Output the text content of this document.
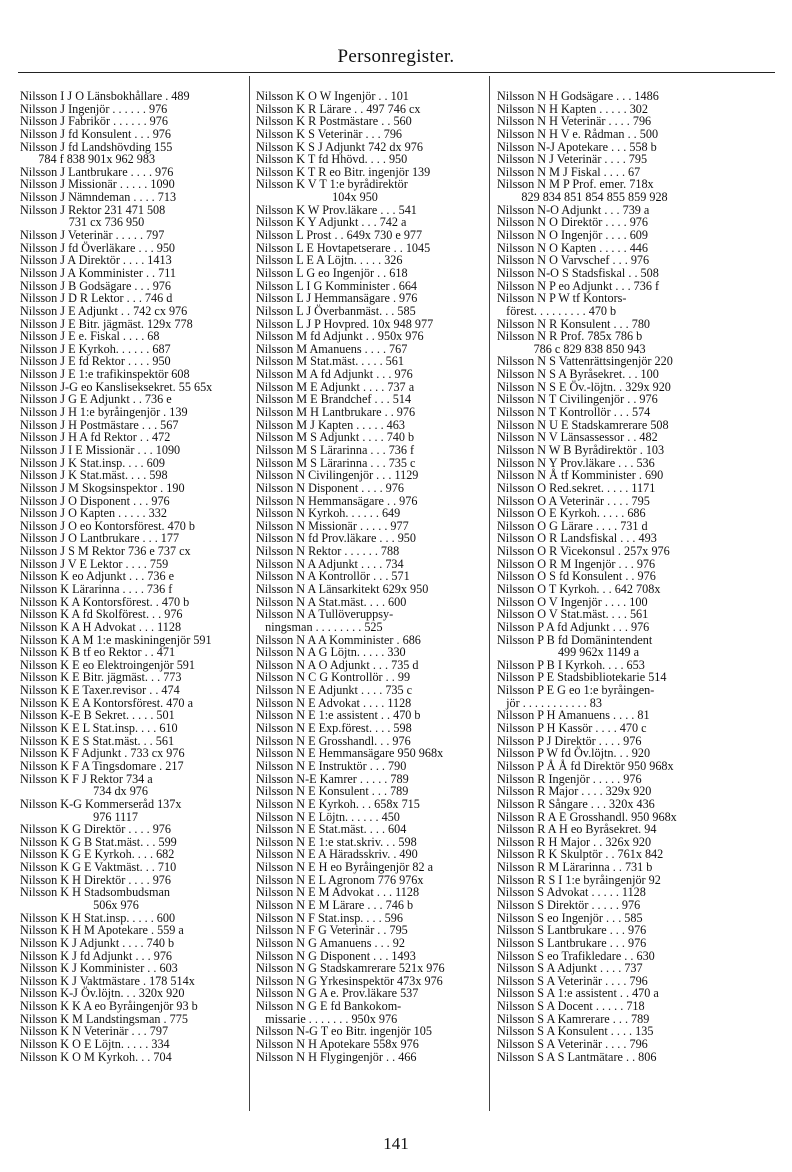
Personregister.
Nilsson I J O Länsbokhållare . 489
Nilsson J Ingenjör . . . . . . 976
Nilsson J Fabrikör . . . . . . 976
Nilsson J fd Konsulent . . . 976
Nilsson J fd Landshövding 155
784 f 838 901x 962 983
Nilsson J Lantbrukare . . . . 976
Nilsson J Missionär . . . . . 1090
Nilsson J Nämndeman . . . . 713
Nilsson J Rektor 231 471 508
731 cx 736 950
Nilsson J Veterinär . . . . . 797
Nilsson J fd Överläkare . . . 950
Nilsson J A Direktör . . . . 1413
Nilsson J A Komminister . . 711
Nilsson J B Godsägare . . . 976
Nilsson J D R Lektor . . . 746 d
Nilsson J E Adjunkt . . 742 cx 976
Nilsson J E Bitr. jägmäst. 129x 778
Nilsson J E e. Fiskal . . . . 68
Nilsson J E Kyrkoh. . . . . . 687
Nilsson J E fd Rektor . . . . 950
Nilsson J E 1:e trafikinspektör 608
Nilsson J-G eo Kansliseksekret. 55 65x
Nilsson J G E Adjunkt . . 736 e
Nilsson J H 1:e byråingenjör . 139
Nilsson J H Postmästare . . . 567
Nilsson J H A fd Rektor . . 472
Nilsson J I E Missionär . . . 1090
Nilsson J K Stat.insp. . . . 609
Nilsson J K Stat.mäst. . . . 598
Nilsson J M Skogsinspektor . 190
Nilsson J O Disponent . . . 976
Nilsson J O Kapten . . . . . 332
Nilsson J O eo Kontorsförest. 470 b
Nilsson J O Lantbrukare . . . 177
Nilsson J S M Rektor 736 e 737 cx
Nilsson J V E Lektor . . . . 759
Nilsson K eo Adjunkt . . . 736 e
Nilsson K Lärarinna . . . . 736 f
Nilsson K A Kontorsförest. . 470 b
Nilsson K A fd Skolförest. . . 976
Nilsson K A H Advokat . . . 1128
Nilsson K A M 1:e maskiningenjör 591
Nilsson K B tf eo Rektor . . 471
Nilsson K E eo Elektroingenjör 591
Nilsson K E Bitr. jägmäst. . . 773
Nilsson K E Taxer.revisor . . 474
Nilsson K E A Kontorsförest. 470 a
Nilsson K-E B Sekret. . . . . 501
Nilsson K E L Stat.insp. . . . 610
Nilsson K E S Stat.mäst. . . 561
Nilsson K F Adjunkt . 733 cx 976
Nilsson K F A Tingsdomare . 217
Nilsson K F J Rektor 734 a
734 dx 976
Nilsson K-G Kommerseråd 137x
976 1117
Nilsson K G Direktör . . . . 976
Nilsson K G B Stat.mäst. . . 599
Nilsson K G E Kyrkoh. . . . 682
Nilsson K G E Vaktmäst. . . 710
Nilsson K H Direktör . . . . 976
Nilsson K H Stadsombudsman
506x 976
Nilsson K H Stat.insp. . . . . 600
Nilsson K H M Apotekare . 559 a
Nilsson K J Adjunkt . . . . 740 b
Nilsson K J fd Adjunkt . . . 976
Nilsson K J Komminister . . 603
Nilsson K J Vaktmästare . 178 514x
Nilsson K-J Öv.löjtn. . . 320x 920
Nilsson K K A eo Byråingenjör 93 b
Nilsson K M Landstingsman . 775
Nilsson K N Veterinär . . . 797
Nilsson K O E Löjtn. . . . . 334
Nilsson K O M Kyrkoh. . . 704
Nilsson K O W Ingenjör . . 101
Nilsson K R Lärare . . 497 746 cx
Nilsson K R Postmästare . . 560
Nilsson K S Veterinär . . . 796
Nilsson K S J Adjunkt 742 dx 976
Nilsson K T fd Hhövd. . . . 950
Nilsson K T R eo Bitr. ingenjör 139
Nilsson K V T 1:e byrådirektör
104x 950
Nilsson K W Prov.läkare . . . 541
Nilsson K Y Adjunkt . . . 742 a
Nilsson L Prost . . 649x 730 e 977
Nilsson L E Hovtapetserare . . 1045
Nilsson L E A Löjtn. . . . . 326
Nilsson L G eo Ingenjör . . 618
Nilsson L I G Komminister . 664
Nilsson L J Hemmansägare . 976
Nilsson L J Överbanmäst. . . 585
Nilsson L J P Hovpred. 10x 948 977
Nilsson M fd Adjunkt . . 950x 976
Nilsson M Amanuens . . . . 767
Nilsson M Stat.mäst. . . . . 561
Nilsson M A fd Adjunkt . . . 976
Nilsson M E Adjunkt . . . . 737 a
Nilsson M E Brandchef . . . 514
Nilsson M H Lantbrukare . . 976
Nilsson M J Kapten . . . . . 463
Nilsson M S Adjunkt . . . . 740 b
Nilsson M S Lärarinna . . . 736 f
Nilsson M S Lärarinna . . . 735 c
Nilsson N Civilingenjör . . . 1129
Nilsson N Disponent . . . . 976
Nilsson N Hemmansägare . . 976
Nilsson N Kyrkoh. . . . . . 649
Nilsson N Missionär . . . . . 977
Nilsson N fd Prov.läkare . . . 950
Nilsson N Rektor . . . . . . 788
Nilsson N A Adjunkt . . . . 734
Nilsson N A Kontrollör . . . 571
Nilsson N A Länsarkitekt 629x 950
Nilsson N A Stat.mäst. . . . 600
Nilsson N A Tullöveruppsy-
ningsman . . . . . . . . 525
Nilsson N A A Komminister . 686
Nilsson N A G Löjtn. . . . . 330
Nilsson N A O Adjunkt . . . 735 d
Nilsson N C G Kontrollör . . 99
Nilsson N E Adjunkt . . . . 735 c
Nilsson N E Advokat . . . . 1128
Nilsson N E 1:e assistent . . 470 b
Nilsson N E Exp.förest. . . . 598
Nilsson N E Grosshandl. . . 976
Nilsson N E Hemmansägare 950 968x
Nilsson N E Instruktör . . . 790
Nilsson N-E Kamrer . . . . . 789
Nilsson N E Konsulent . . . 789
Nilsson N E Kyrkoh. . . 658x 715
Nilsson N E Löjtn. . . . . . 450
Nilsson N E Stat.mäst. . . . 604
Nilsson N E 1:e stat.skriv. . . 598
Nilsson N E A Häradsskriv. . 490
Nilsson N E H eo Byråingenjör 82 a
Nilsson N E L Agronom 776 976x
Nilsson N E M Advokat . . . 1128
Nilsson N E M Lärare . . . 746 b
Nilsson N F Stat.insp. . . . 596
Nilsson N F G Veterinär . . 795
Nilsson N G Amanuens . . . 92
Nilsson N G Disponent . . . 1493
Nilsson N G Stadskamrerare 521x 976
Nilsson N G Yrkesinspektör 473x 976
Nilsson N G A e. Prov.läkare 537
Nilsson N G E fd Bankokom-
missarie . . . . . . . 950x 976
Nilsson N-G T eo Bitr. ingenjör 105
Nilsson N H Apotekare 558x 976
Nilsson N H Flygingenjör . . 466
Nilsson N H Godsägare . . . 1486
Nilsson N H Kapten . . . . . 302
Nilsson N H Veterinär . . . . 796
Nilsson N H V e. Rådman . . 500
Nilsson N-J Apotekare . . . 558 b
Nilsson N J Veterinär . . . . 795
Nilsson N M J Fiskal . . . . 67
Nilsson N M P Prof. emer. 718x
829 834 851 854 855 859 928
Nilsson N-O Adjunkt . . . 739 a
Nilsson N O Direktör . . . . 976
Nilsson N O Ingenjör . . . . 609
Nilsson N O Kapten . . . . . 446
Nilsson N O Varvschef . . . 976
Nilsson N-O S Stadsfiskal . . 508
Nilsson N P eo Adjunkt . . . 736 f
Nilsson N P W tf Kontors-
förest. . . . . . . . . 470 b
Nilsson N R Konsulent . . . 780
Nilsson N R Prof. 785x 786 b
786 c 829 838 850 943
Nilsson N S Vattenrättsingenjör 220
Nilsson N S A Byråsekret. . . 100
Nilsson N S E Öv.-löjtn. . 329x 920
Nilsson N T Civilingenjör . . 976
Nilsson N T Kontrollör . . . 574
Nilsson N U E Stadskamrerare 508
Nilsson N V Länsassessor . . 482
Nilsson N W B Byrådirektör . 103
Nilsson N Y Prov.läkare . . . 536
Nilsson N Å tf Komminister . 690
Nilsson O Red.sekret. . . . . 1171
Nilsson O A Veterinär . . . . 795
Nilsson O E Kyrkoh. . . . . 686
Nilsson O G Lärare . . . . 731 d
Nilsson O R Landsfiskal . . . 493
Nilsson O R Vicekonsul . 257x 976
Nilsson O R M Ingenjör . . . 976
Nilsson O S fd Konsulent . . 976
Nilsson O T Kyrkoh. . . 642 708x
Nilsson O V Ingenjör . . . . 100
Nilsson O V Stat.mäst. . . . 561
Nilsson P A fd Adjunkt . . . 976
Nilsson P B fd Domänintendent
499 962x 1149 a
Nilsson P B I Kyrkoh. . . . 653
Nilsson P E Stadsbibliotekarie 514
Nilsson P E G eo 1:e byråingen-
jör . . . . . . . . . . . 83
Nilsson P H Amanuens . . . . 81
Nilsson P H Kassör . . . . 470 c
Nilsson P J Direktör . . . . 976
Nilsson P W fd Öv.löjtn. . . 920
Nilsson P Å Å fd Direktör 950 968x
Nilsson R Ingenjör . . . . . 976
Nilsson R Major . . . . 329x 920
Nilsson R Sångare . . . 320x 436
Nilsson R A E Grosshandl. 950 968x
Nilsson R A H eo Byråsekret. 94
Nilsson R H Major . . 326x 920
Nilsson R K Skulptör . . 761x 842
Nilsson R M Lärarinna . . 731 b
Nilsson R S I 1:e byråingenjör 92
Nilsson S Advokat . . . . . 1128
Nilsson S Direktör . . . . . 976
Nilsson S eo Ingenjör . . . 585
Nilsson S Lantbrukare . . . 976
Nilsson S Lantbrukare . . . 976
Nilsson S eo Trafikledare . . 630
Nilsson S A Adjunkt . . . . 737
Nilsson S A Veterinär . . . . 796
Nilsson S A 1:e assistent . . 470 a
Nilsson S A Docent . . . . . 718
Nilsson S A Kamrerare . . . 789
Nilsson S A Konsulent . . . . 135
Nilsson S A Veterinär . . . . 796
Nilsson S A S Lantmätare . . 806
141
